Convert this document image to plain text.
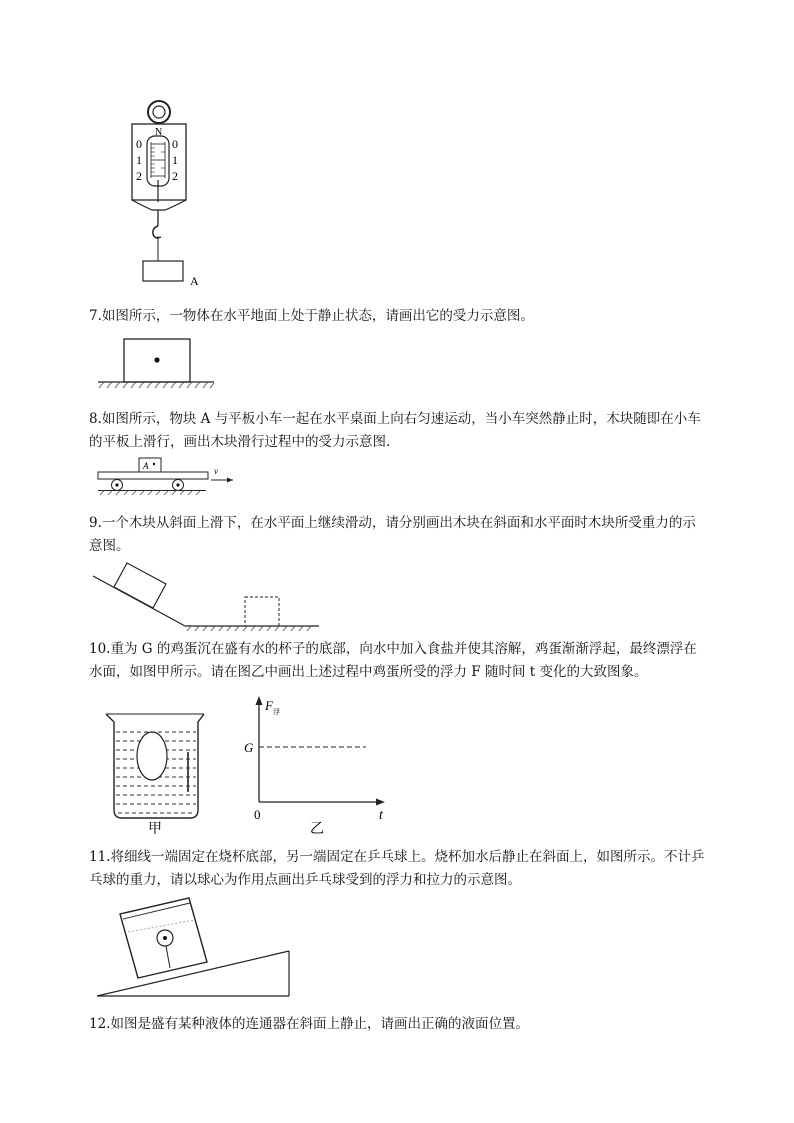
N
0
1
2
0
1
2
A

7.如图所示，一物体在水平地面上处于静止状态，请画出它的受力示意图。

8.如图所示，物块 A 与平板小车一起在水平桌面上向右匀速运动，当小车突然静止时，木块随即在小车的平板上滑行，画出木块滑行过程中的受力示意图.

A	v

9.一个木块从斜面上滑下，在水平面上继续滑动，请分别画出木块在斜面和水平面时木块所受重力的示意图。

10.重为 G 的鸡蛋沉在盛有水的杯子的底部，向水中加入食盐并使其溶解，鸡蛋渐渐浮起，最终漂浮在水面，如图甲所示。请在图乙中画出上述过程中鸡蛋所受的浮力 F 随时间 t 变化的大致图象。

甲
F 浮
G
0	t
乙

11.将细线一端固定在烧杯底部，另一端固定在乒乓球上。烧杯加水后静止在斜面上，如图所示。不计乒乓球的重力，请以球心为作用点画出乒乓球受到的浮力和拉力的示意图。

12.如图是盛有某种液体的连通器在斜面上静止，请画出正确的液面位置。
